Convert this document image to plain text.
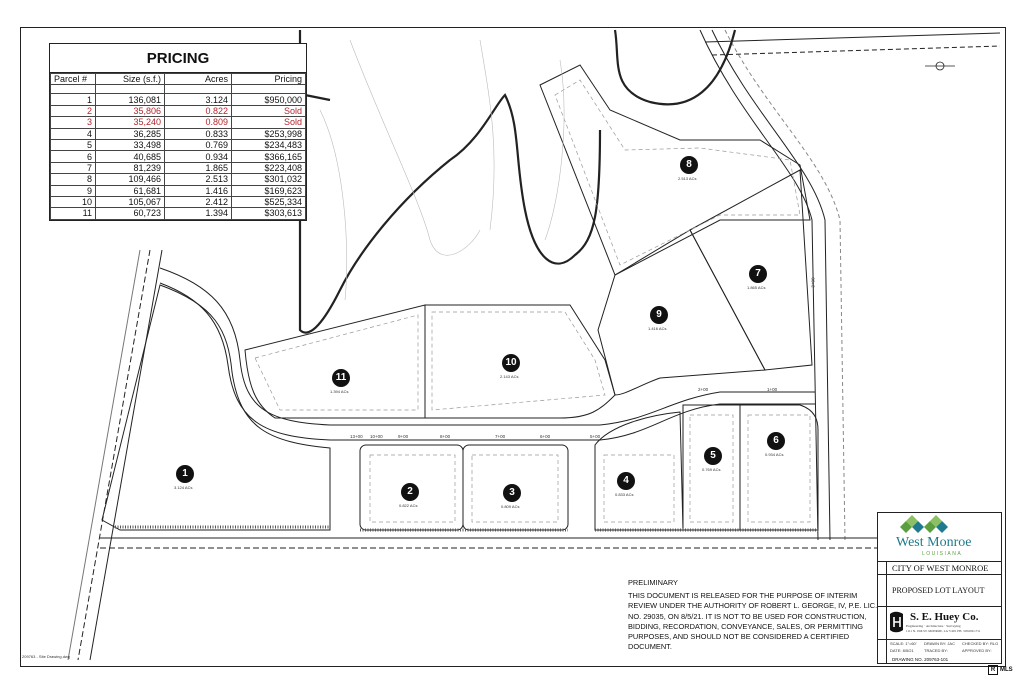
1
3.124 ACs	2
0.822 ACs
3
0.809 ACs
4
0.833 ACs
5
0.769 ACs
6
0.934 ACs
7
1.865 ACs
8
2.513 ACs
9
1.416 ACs
10
2.143 ACs
11
1.394 ACs
13+00 10+00	9+00	8+00	7+00	6+00	5+00
2+00	1+00
3+00
PRICING
Parcel #	Size (s.f.)	Acres	Pricing

1	136,081	3.124	$950,000
2	35,806	0.822	Sold
3	35,240	0.809	Sold
4	36,285	0.833	$253,998
5	33,498	0.769	$234,483
6	40,685	0.934	$366,165
7	81,239	1.865	$223,408
8	109,466	2.513	$301,032
9	61,681	1.416	$169,623
10	105,067	2.412	$525,334
11	60,723	1.394	$303,613
PRELIMINARY
THIS DOCUMENT IS RELEASED FOR THE PURPOSE OF INTERIM REVIEW UNDER THE AUTHORITY OF ROBERT L. GEORGE, IV, P.E. LIC. NO. 29035, ON 8/5/21. IT IS NOT TO BE USED FOR CONSTRUCTION, BIDDING, RECORDATION, CONVEYANCE, SALES, OR PERMITTING PURPOSES, AND SHOULD NOT BE CONSIDERED A CERTIFIED DOCUMENT.
West Monroe
LOUISIANA
CITY OF WEST MONROE
PROPOSED LOT LAYOUT
S. E. Huey Co.
Engineering · Architecture · Surveying
1111 N. 19th ST. MONROE, LA 71201 PH. 318.000.1711
SCALE: 1"=60' DRAWN BY: JAC CHECKED BY: RLG
DATE: 8/5/21	TRACED BY:	APPROVED BY:
DRAWING NO. 209763-101
209763 - Site Drawing.dwg
R MLS
